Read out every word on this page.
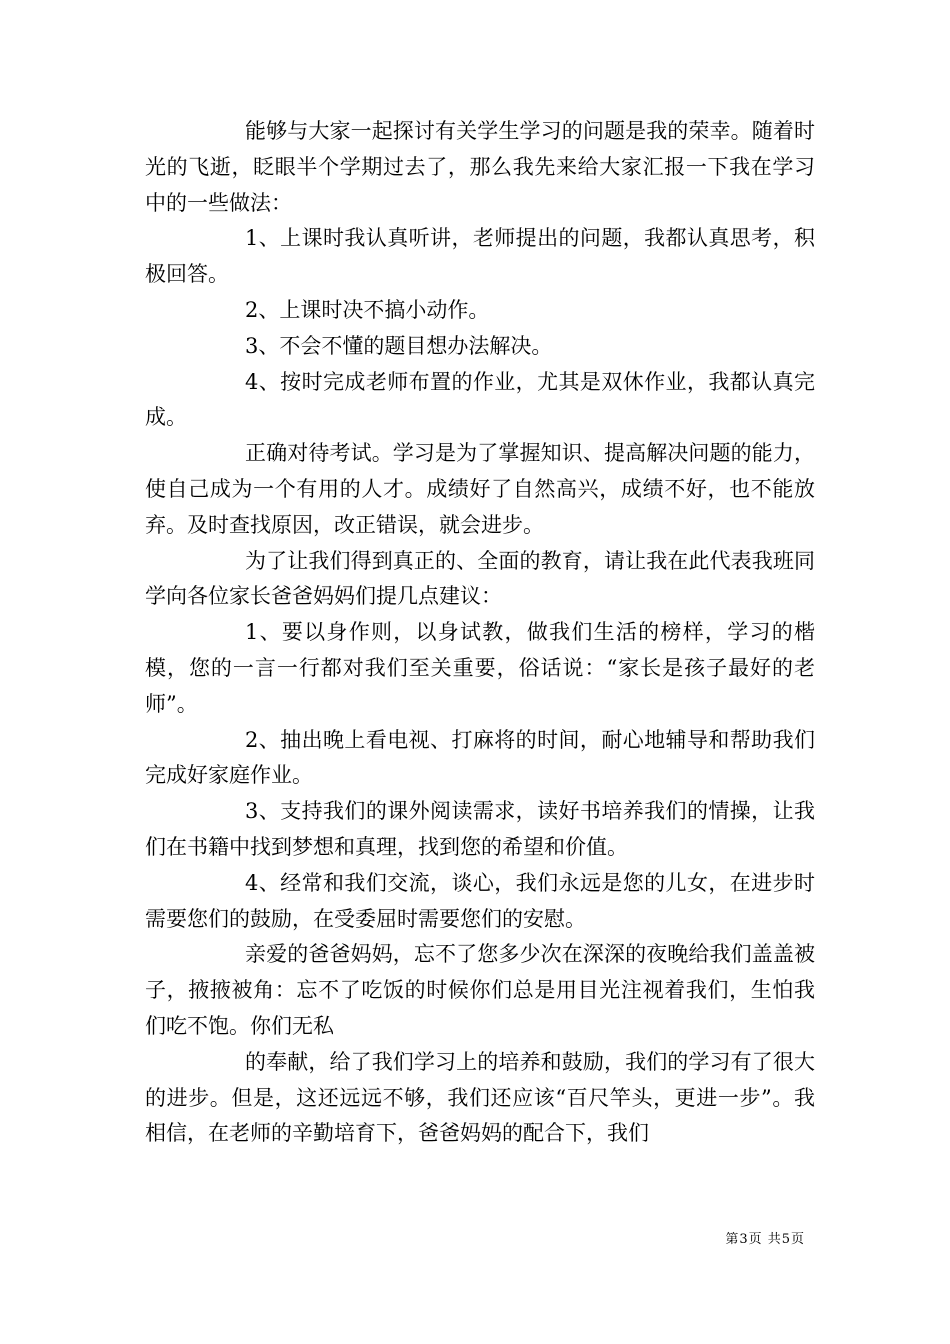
能够与大家一起探讨有关学生学习的问题是我的荣幸。随着时光的飞逝，眨眼半个学期过去了，那么我先来给大家汇报一下我在学习中的一些做法：

1、上课时我认真听讲，老师提出的问题，我都认真思考，积极回答。

2、上课时决不搞小动作。

3、不会不懂的题目想办法解决。

4、按时完成老师布置的作业，尤其是双休作业，我都认真完成。

正确对待考试。学习是为了掌握知识、提高解决问题的能力，使自己成为一个有用的人才。成绩好了自然高兴，成绩不好，也不能放弃。及时查找原因，改正错误，就会进步。

为了让我们得到真正的、全面的教育，请让我在此代表我班同学向各位家长爸爸妈妈们提几点建议：

1、要以身作则，以身试教，做我们生活的榜样，学习的楷模，您的一言一行都对我们至关重要，俗话说：“家长是孩子最好的老师”。

2、抽出晚上看电视、打麻将的时间，耐心地辅导和帮助我们完成好家庭作业。

3、支持我们的课外阅读需求，读好书培养我们的情操，让我们在书籍中找到梦想和真理，找到您的希望和价值。

4、经常和我们交流，谈心，我们永远是您的儿女，在进步时需要您们的鼓励，在受委屈时需要您们的安慰。

亲爱的爸爸妈妈，忘不了您多少次在深深的夜晚给我们盖盖被子，掖掖被角：忘不了吃饭的时候你们总是用目光注视着我们，生怕我们吃不饱。你们无私

的奉献，给了我们学习上的培养和鼓励，我们的学习有了很大的进步。但是，这还远远不够，我们还应该“百尺竿头，更进一步”。我相信，在老师的辛勤培育下，爸爸妈妈的配合下，我们

第3页 共5页
